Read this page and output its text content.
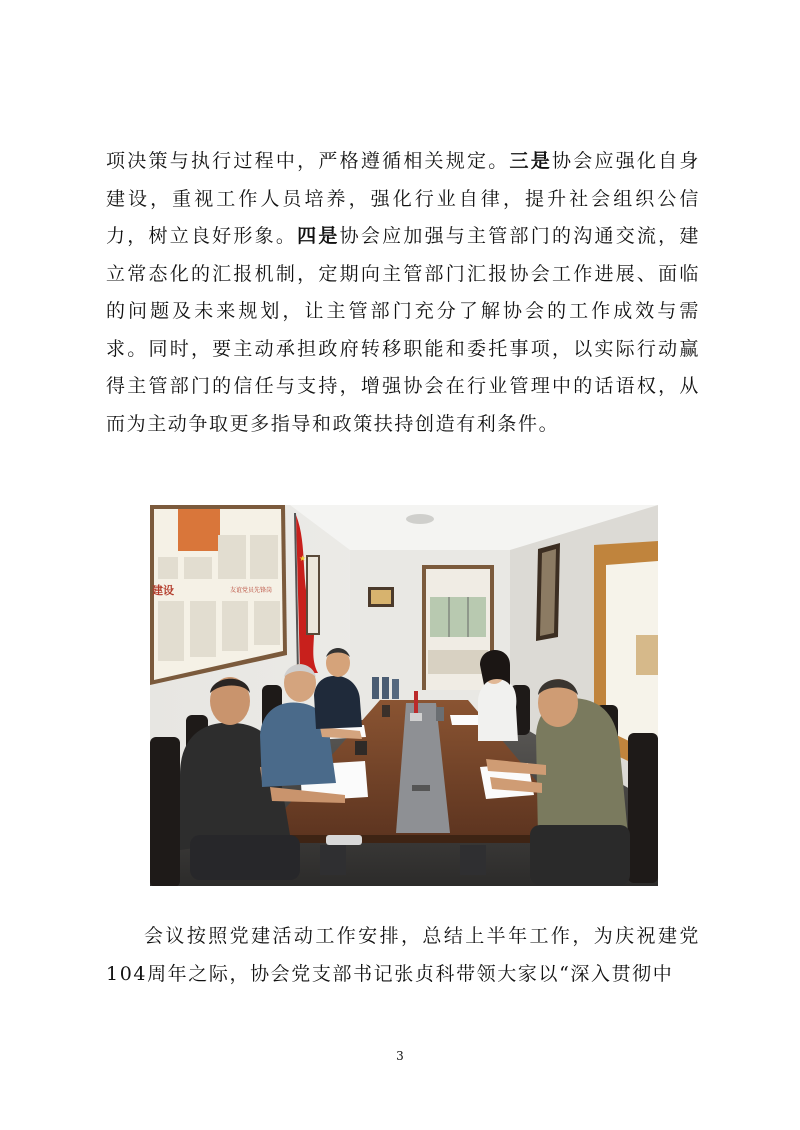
项决策与执行过程中，严格遵循相关规定。三是协会应强化自身建设，重视工作人员培养，强化行业自律，提升社会组织公信力，树立良好形象。四是协会应加强与主管部门的沟通交流，建立常态化的汇报机制，定期向主管部门汇报协会工作进展、面临的问题及未来规划，让主管部门充分了解协会的工作成效与需求。同时，要主动承担政府转移职能和委托事项，以实际行动赢得主管部门的信任与支持，增强协会在行业管理中的话语权，从而为主动争取更多指导和政策扶持创造有利条件。

建设	友谊党员先锋岗
★

会议按照党建活动工作安排，总结上半年工作，为庆祝建党104周年之际，协会党支部书记张贞科带领大家以“深入贯彻中

3
